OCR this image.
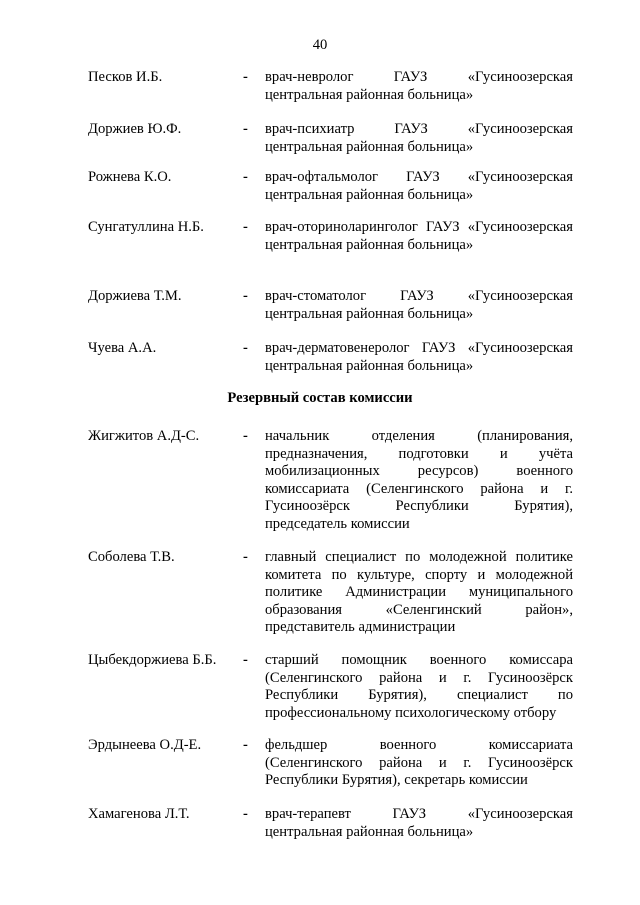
40
Песков И.Б.	- врач-невролог ГАУЗ «Гусиноозерская центральная районная больница»
Доржиев Ю.Ф.	- врач-психиатр ГАУЗ «Гусиноозерская центральная районная больница»
Рожнева К.О.	- врач-офтальмолог ГАУЗ «Гусиноозерская центральная районная больница»
Сунгатуллина Н.Б.	- врач-оториноларинголог ГАУЗ «Гусиноозерская центральная районная больница»
Доржиева Т.М.	- врач-стоматолог ГАУЗ «Гусиноозерская центральная районная больница»
Чуева А.А.	- врач-дерматовенеролог ГАУЗ «Гусиноозерская центральная районная больница»
Резервный состав комиссии
Жигжитов А.Д-С.	- начальник отделения (планирования, предназначения, подготовки и учёта мобилизационных ресурсов) военного комиссариата (Селенгинского района и г. Гусиноозёрск Республики Бурятия), председатель комиссии
Соболева Т.В.	- главный специалист по молодежной политике комитета по культуре, спорту и молодежной политике Администрации муниципального образования «Селенгинский район», представитель администрации
Цыбекдоржиева Б.Б. - старший помощник военного комиссара (Селенгинского района и г. Гусиноозёрск Республики Бурятия), специалист по профессиональному психологическому отбору
Эрдынеева О.Д-Е.	- фельдшер военного комиссариата (Селенгинского района и г. Гусиноозёрск Республики Бурятия), секретарь комиссии
Хамагенова Л.Т.	- врач-терапевт ГАУЗ «Гусиноозерская центральная районная больница»
